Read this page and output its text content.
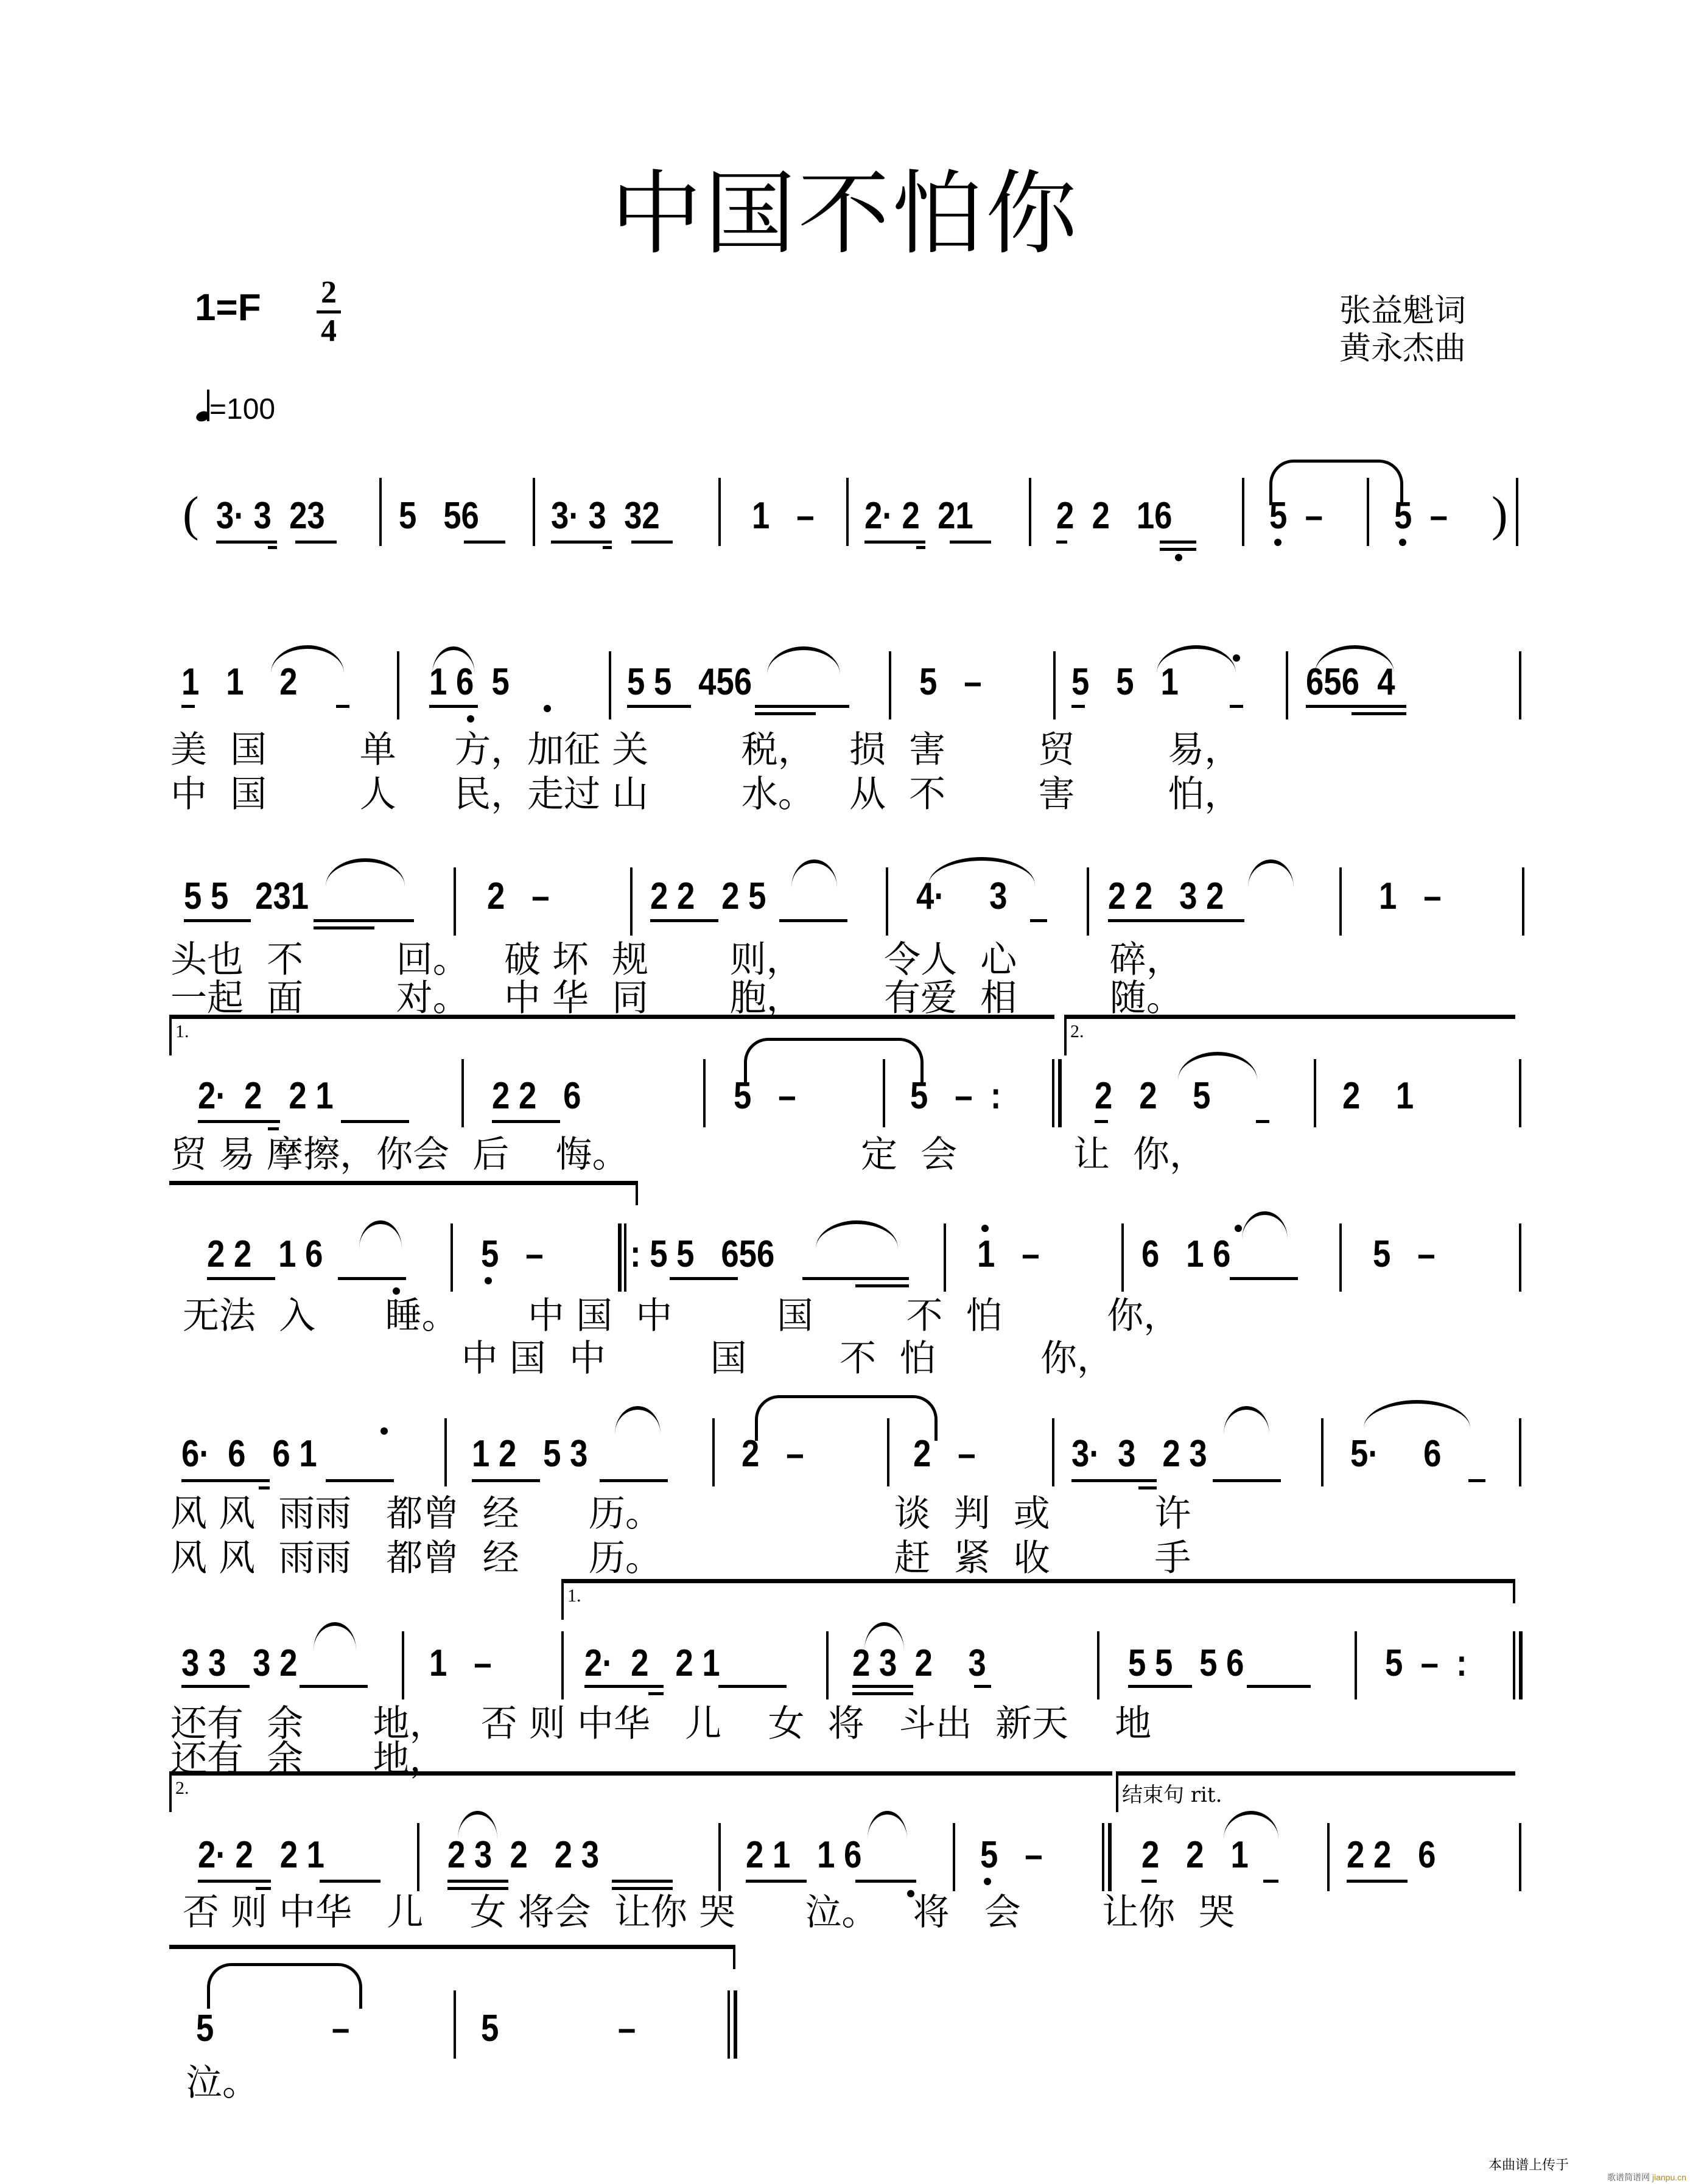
中国不怕你
1=F 2
4
张益魁词
黄永杰曲
=100
( 3· 3  23 5   56 3· 3  32 1   – 2· 2  21 2  2   16	5  – 5  – )
1   1    2	1 6  5	5 5   456	5   – 5   5   1	656  4
美  国        单     方，加征 关        税，   损  害        贸        易，
中  国        人     民，走过 山        水。   从  不        害        怕，
5 5   231	2   –	2 2   2 5	4·     3	2 2   3 2	1   –
头也  不        回。   破 坏  规       则，       令人  心        碎，
一起  面        对。   中 华  同       胞，       有爱  相        随。
1.	2.
2·  2   2 1	2 2   6	5   –	5   –  : 2   2    5	2    1
贸 易 摩擦，你会  后    悔。                    定  会          让  你，
2 2   1 6	5   – : 5 5   656	1   –	6   1 6	5   –
无法  入      睡。      中 国  中         国        不  怕         你，
中 国  中         国        不  怕         你，
6·  6   6 1	1 2   5 3	2   –	2   –	3·  3   2 3	5·     6
风 风  雨雨   都曾  经      历。                    谈  判  或         许
风 风  雨雨   都曾  经      历。                    赶  紧  收         手
1.
3 3   3 2	1   – 2·  2   2 1	2 3  2    3	5 5   5 6	5  –  :
还有  余      地，   否 则 中华   儿    女  将   斗出  新天    地
还有  余      地，
2.	结束句 rit.
2· 2   2 1	2 3  2   2 3	2 1   1 6	5   –	2   2   1	2 2   6
否 则 中华   儿    女 将会  让你 哭      泣。   将   会       让你  哭
5	–	5	–
泣。
本曲谱上传于
歌谱简谱网 jianpu.cn
